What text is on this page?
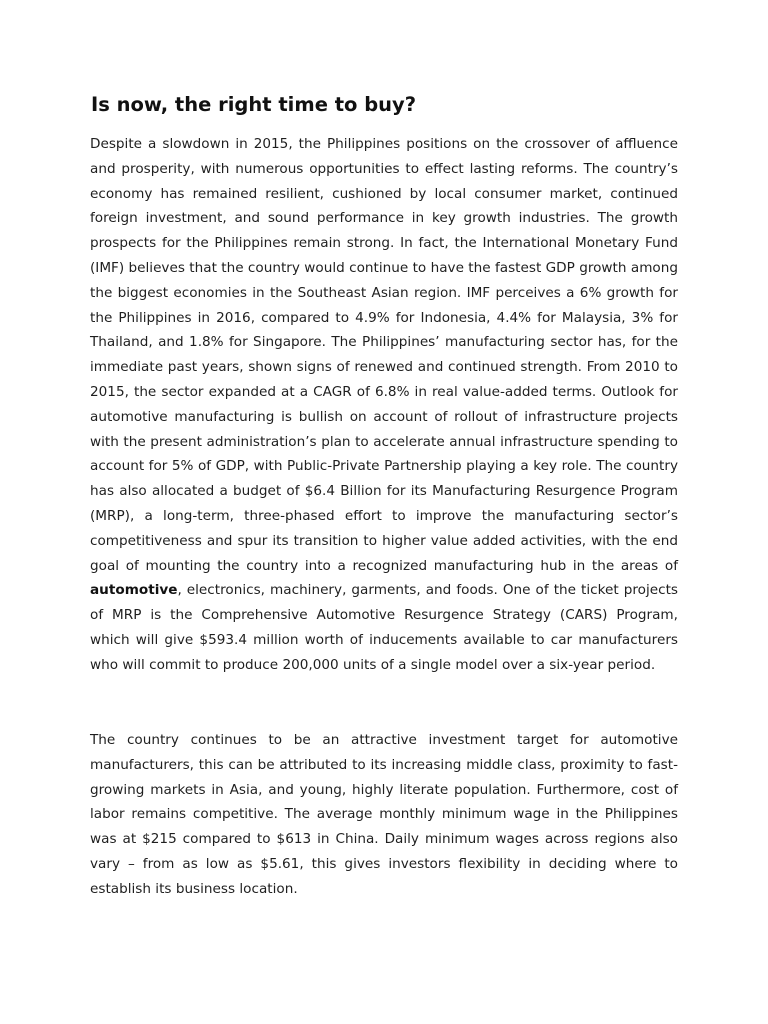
Is now, the right time to buy?

Despite a slowdown in 2015, the Philippines positions on the crossover of affluence and prosperity, with numerous opportunities to effect lasting reforms. The country’s economy has remained resilient, cushioned by local consumer market, continued foreign investment, and sound performance in key growth industries. The growth prospects for the Philippines remain strong. In fact, the International Monetary Fund (IMF) believes that the country would continue to have the fastest GDP growth among the biggest economies in the Southeast Asian region. IMF perceives a 6% growth for the Philippines in 2016, compared to 4.9% for Indonesia, 4.4% for Malaysia, 3% for Thailand, and 1.8% for Singapore. The Philippines’ manufacturing sector has, for the immediate past years, shown signs of renewed and continued strength. From 2010 to 2015, the sector expanded at a CAGR of 6.8% in real value-added terms. Outlook for automotive manufacturing is bullish on account of rollout of infrastructure projects with the present administration’s plan to accelerate annual infrastructure spending to account for 5% of GDP, with Public-Private Partnership playing a key role. The country has also allocated a budget of $6.4 Billion for its Manufacturing Resurgence Program (MRP), a long-term, three-phased effort to improve the manufacturing sector’s competitiveness and spur its transition to higher value added activities, with the end goal of mounting the country into a recognized manufacturing hub in the areas of automotive, electronics, machinery, garments, and foods. One of the ticket projects of MRP is the Comprehensive Automotive Resurgence Strategy (CARS) Program, which will give $593.4 million worth of inducements available to car manufacturers who will commit to produce 200,000 units of a single model over a six-year period.

The country continues to be an attractive investment target for automotive manufacturers, this can be attributed to its increasing middle class, proximity to fast-growing markets in Asia, and young, highly literate population. Furthermore, cost of labor remains competitive. The average monthly minimum wage in the Philippines was at $215 compared to $613 in China. Daily minimum wages across regions also vary – from as low as $5.61, this gives investors flexibility in deciding where to establish its business location.
